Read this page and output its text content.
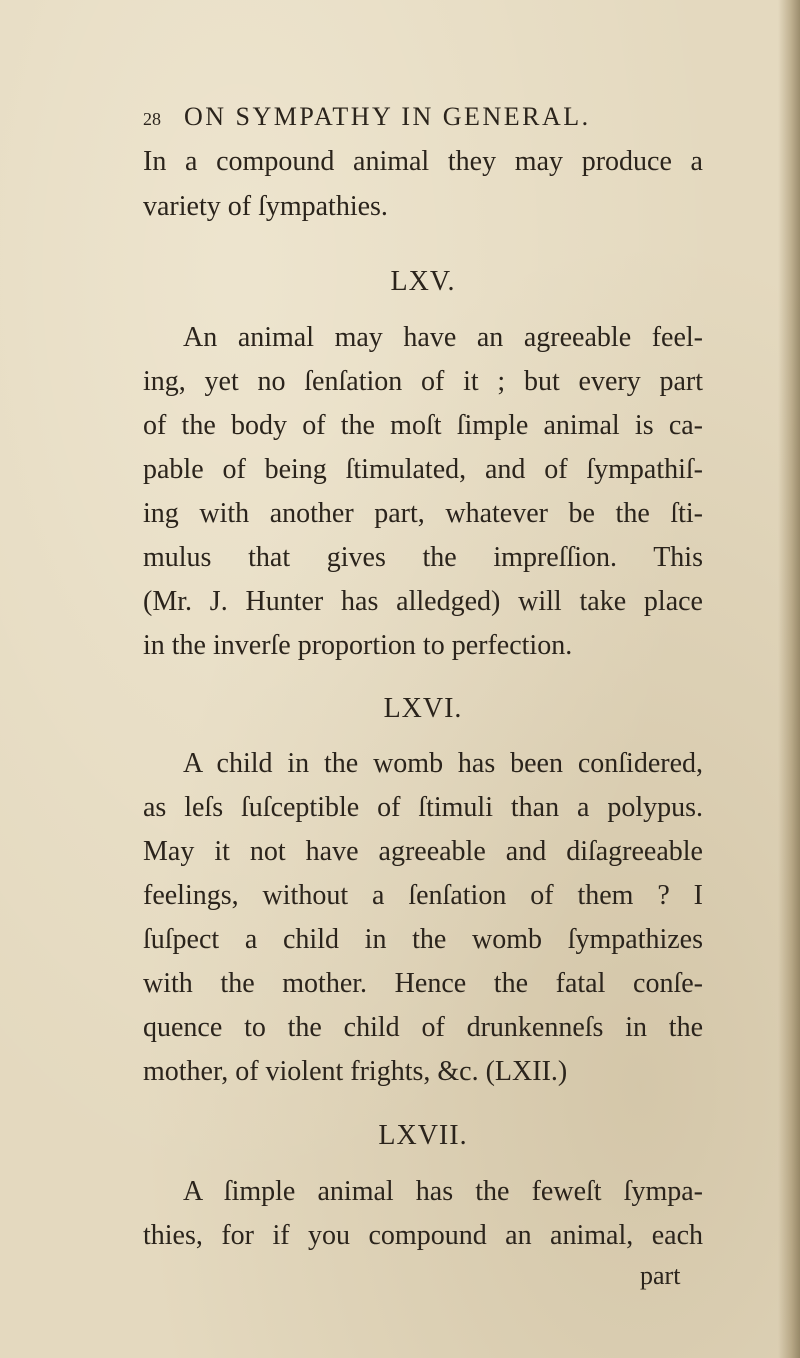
28 ON SYMPATHY IN GENERAL.
In a compound animal they may produce a
variety of ſympathies.
LXV.
An animal may have an agreeable feel-
ing, yet no ſenſation of it ; but every part
of the body of the moſt ſimple animal is ca-
pable of being ſtimulated, and of ſympathiſ-
ing with another part, whatever be the ſti-
mulus that gives the impreſſion. This
(Mr. J. Hunter has alledged) will take place
in the inverſe proportion to perfection.
LXVI.
A child in the womb has been conſidered,
as leſs ſuſceptible of ſtimuli than a polypus.
May it not have agreeable and diſagreeable
feelings, without a ſenſation of them ? I
ſuſpect a child in the womb ſympathizes
with the mother. Hence the fatal conſe-
quence to the child of drunkenneſs in the
mother, of violent frights, &c. (LXII.)
LXVII.
A ſimple animal has the feweſt ſympa-
thies, for if you compound an animal, each
part
